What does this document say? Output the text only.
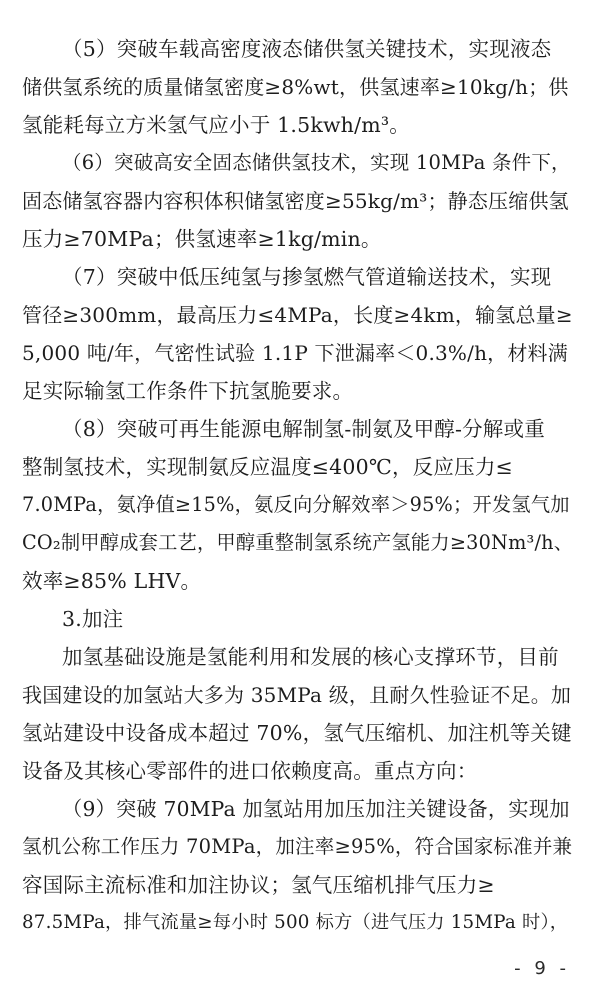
（5）突破车载高密度液态储供氢关键技术，实现液态
储供氢系统的质量储氢密度≥8%wt，供氢速率≥10kg/h；供
氢能耗每立方米氢气应小于 1.5kwh/m³。
（6）突破高安全固态储供氢技术，实现 10MPa 条件下，
固态储氢容器内容积体积储氢密度≥55kg/m³；静态压缩供氢
压力≥70MPa；供氢速率≥1kg/min。
（7）突破中低压纯氢与掺氢燃气管道输送技术，实现
管径≥300mm，最高压力≤4MPa，长度≥4km，输氢总量≥
5,000 吨/年，气密性试验 1.1P 下泄漏率＜0.3%/h，材料满
足实际输氢工作条件下抗氢脆要求。
（8）突破可再生能源电解制氢-制氨及甲醇-分解或重
整制氢技术，实现制氨反应温度≤400℃，反应压力≤
7.0MPa，氨净值≥15%，氨反向分解效率＞95%；开发氢气加
CO₂制甲醇成套工艺，甲醇重整制氢系统产氢能力≥30Nm³/h、
效率≥85% LHV。
3.加注
加氢基础设施是氢能利用和发展的核心支撑环节，目前
我国建设的加氢站大多为 35MPa 级，且耐久性验证不足。加
氢站建设中设备成本超过 70%，氢气压缩机、加注机等关键
设备及其核心零部件的进口依赖度高。重点方向：
（9）突破 70MPa 加氢站用加压加注关键设备，实现加
氢机公称工作压力 70MPa，加注率≥95%，符合国家标准并兼
容国际主流标准和加注协议；氢气压缩机排气压力≥
87.5MPa，排气流量≥每小时 500 标方（进气压力 15MPa 时），
- 9 -
